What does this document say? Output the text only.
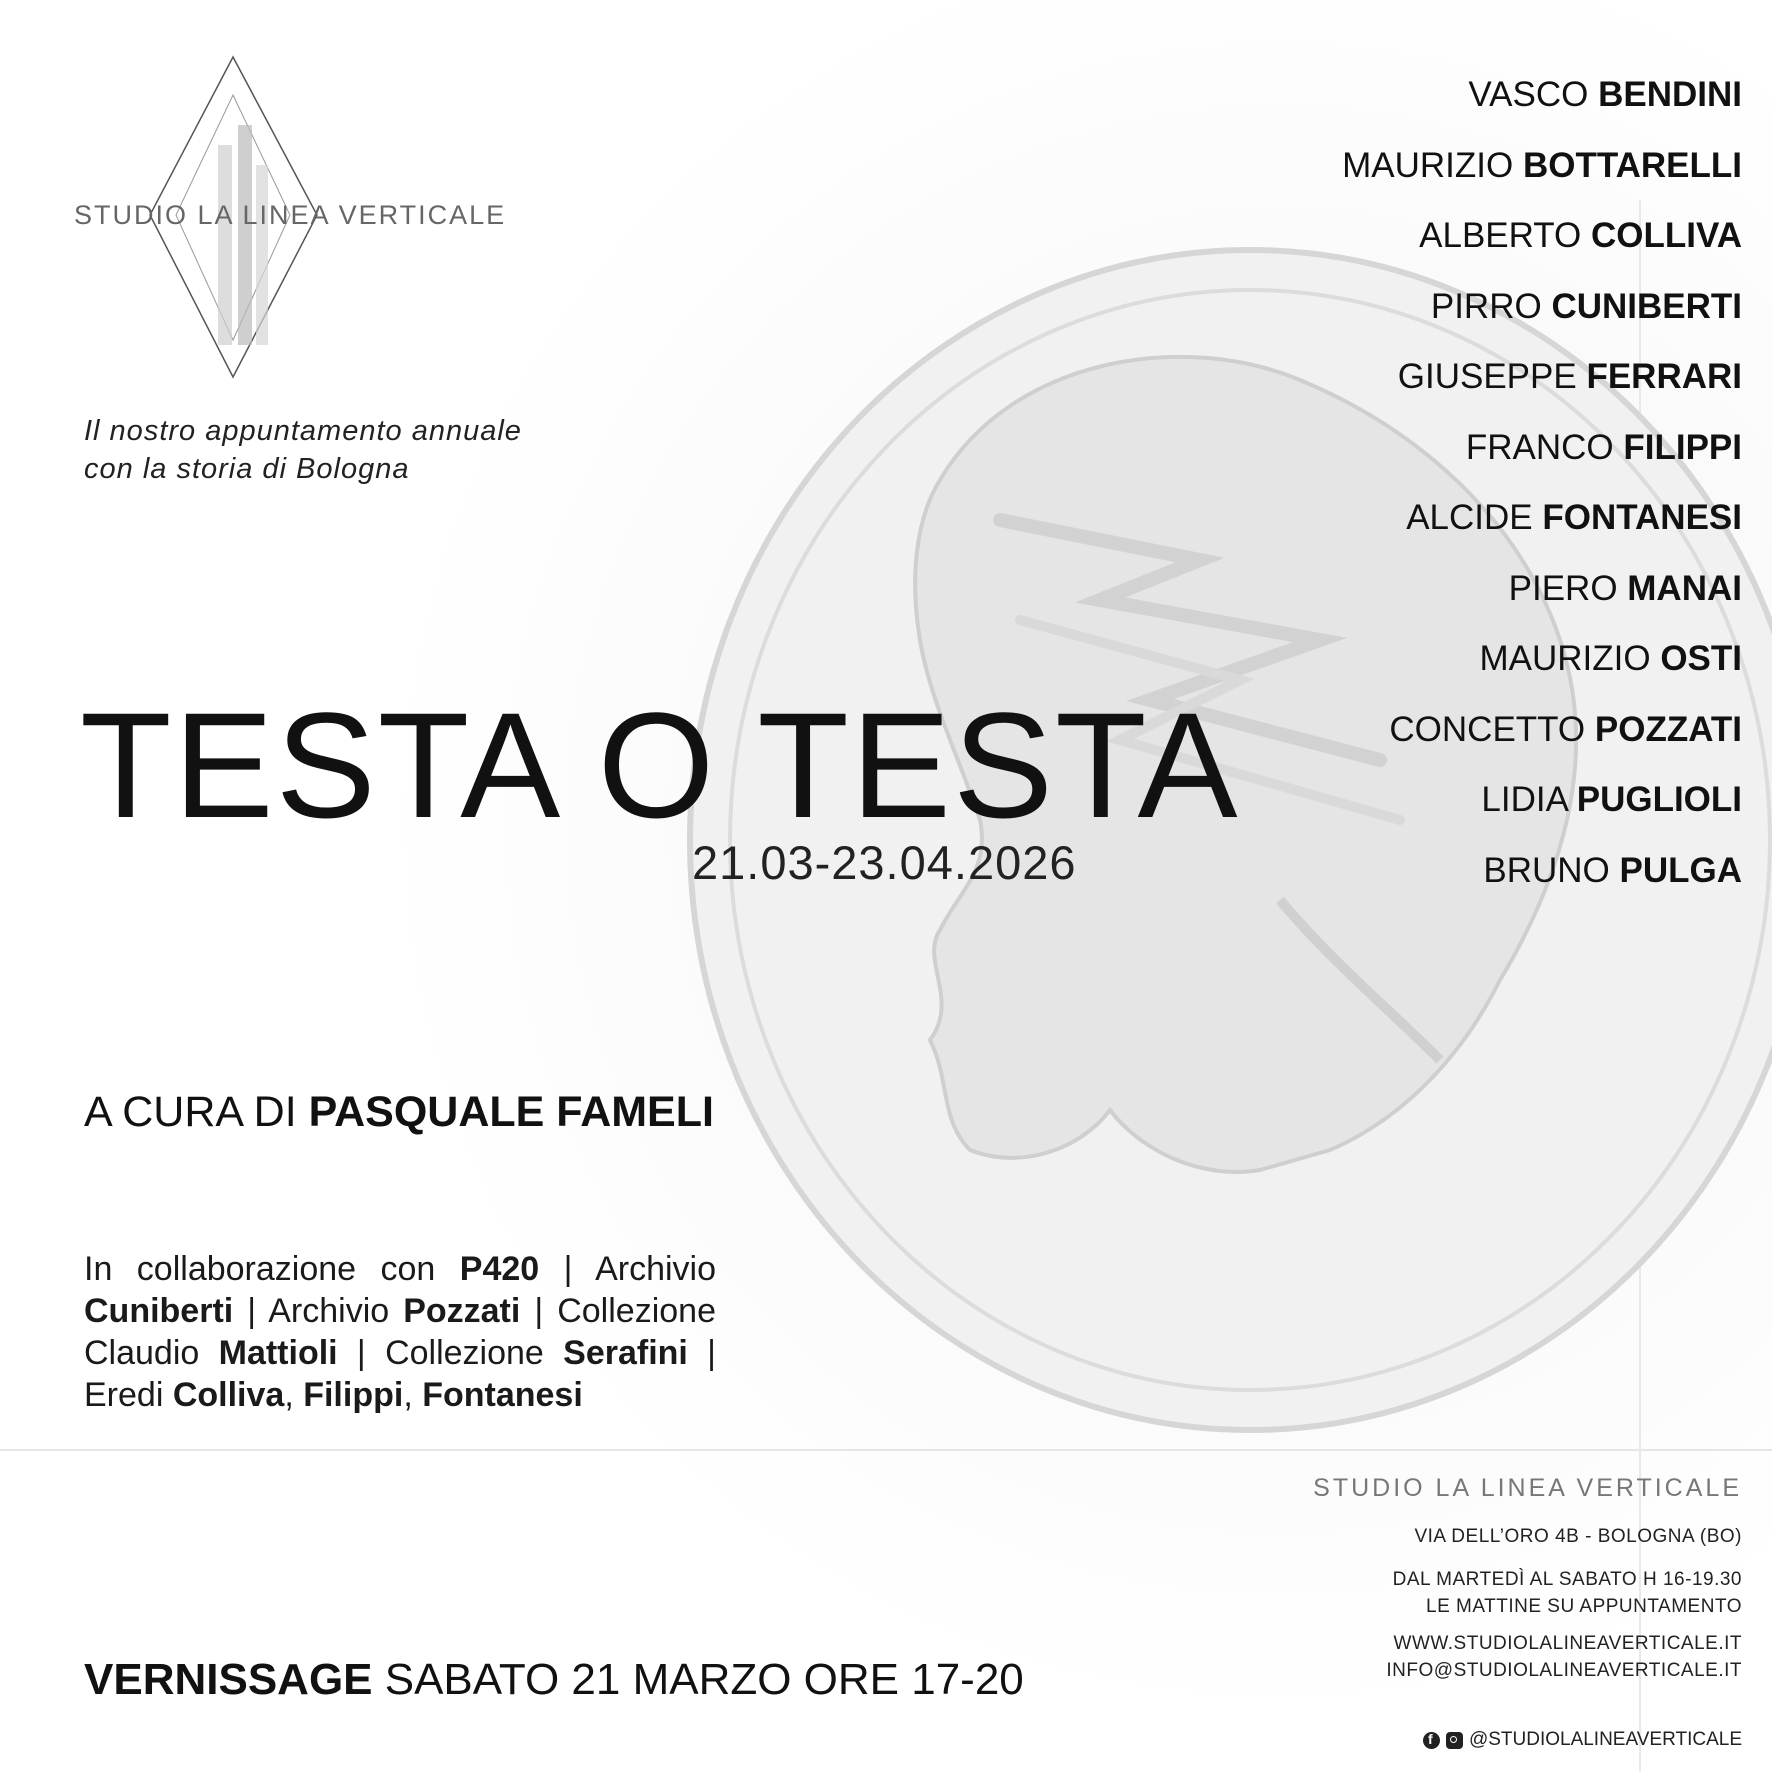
STUDIO LA LINEA VERTICALE
Il nostro appuntamento annuale
con la storia di Bologna
TESTA O TESTA
21.03-23.04.2026
A CURA DI PASQUALE FAMELI
In collaborazione con P420 | Archivio Cuniberti | Archivio Pozzati | Collezione Claudio Mattioli | Collezione Serafini | Eredi Colliva, Filippi, Fontanesi
VERNISSAGE SABATO 21 MARZO ORE 17-20
VASCO BENDINI
MAURIZIO BOTTARELLI
ALBERTO COLLIVA
PIRRO CUNIBERTI
GIUSEPPE FERRARI
FRANCO FILIPPI
ALCIDE FONTANESI
PIERO MANAI
MAURIZIO OSTI
CONCETTO POZZATI
LIDIA PUGLIOLI
BRUNO PULGA
STUDIO LA LINEA VERTICALE
VIA DELL’ORO 4B - BOLOGNA (BO)
DAL MARTEDÌ AL SABATO H 16-19.30
LE MATTINE SU APPUNTAMENTO
WWW.STUDIOLALINEAVERTICALE.IT
INFO@STUDIOLALINEAVERTICALE.IT
f
@STUDIOLALINEAVERTICALE
